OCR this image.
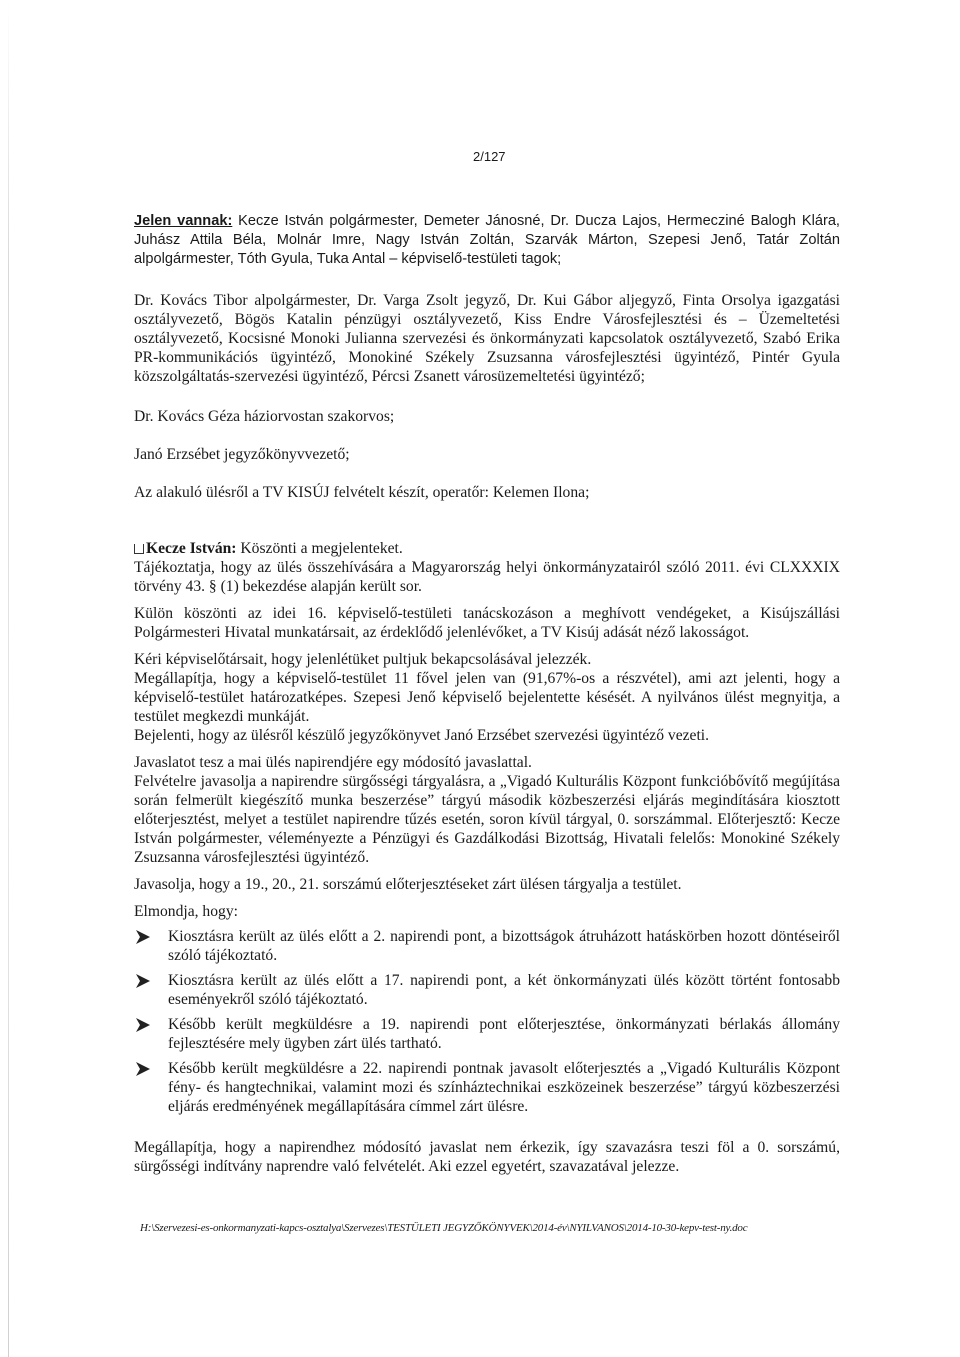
2/127

Jelen vannak: Kecze István polgármester, Demeter Jánosné, Dr. Ducza Lajos, Hermecziné Balogh Klára, Juhász Attila Béla, Molnár Imre, Nagy István Zoltán, Szarvák Márton, Szepesi Jenő, Tatár Zoltán alpolgármester, Tóth Gyula, Tuka Antal – képviselő-testületi tagok;

Dr. Kovács Tibor alpolgármester, Dr. Varga Zsolt jegyző, Dr. Kui Gábor aljegyző, Finta Orsolya igazgatási osztályvezető, Bögös Katalin pénzügyi osztályvezető, Kiss Endre Városfejlesztési és – Üzemeltetési osztályvezető, Kocsisné Monoki Julianna szervezési és önkormányzati kapcsolatok osztályvezető, Szabó Erika PR-kommunikációs ügyintéző, Monokiné Székely Zsuzsanna városfejlesztési ügyintéző, Pintér Gyula közszolgáltatás-szervezési ügyintéző, Pércsi Zsanett városüzemeltetési ügyintéző;

Dr. Kovács Géza háziorvostan szakorvos;

Janó Erzsébet jegyzőkönyvvezető;

Az alakuló ülésről a TV KISÚJ felvételt készít, operatőr: Kelemen Ilona;

Kecze István: Köszönti a megjelenteket.

Tájékoztatja, hogy az ülés összehívására a Magyarország helyi önkormányzatairól szóló 2011. évi CLXXXIX törvény 43. § (1) bekezdése alapján került sor.

Külön köszönti az idei 16. képviselő-testületi tanácskozáson a meghívott vendégeket, a Kisújszállási Polgármesteri Hivatal munkatársait, az érdeklődő jelenlévőket, a TV Kisúj adását néző lakosságot.

Kéri képviselőtársait, hogy jelenlétüket pultjuk bekapcsolásával jelezzék.

Megállapítja, hogy a képviselő-testület 11 fővel jelen van (91,67%-os a részvétel), ami azt jelenti, hogy a képviselő-testület határozatképes. Szepesi Jenő képviselő bejelentette késését. A nyilvános ülést megnyitja, a testület megkezdi munkáját.

Bejelenti, hogy az ülésről készülő jegyzőkönyvet Janó Erzsébet szervezési ügyintéző vezeti.

Javaslatot tesz a mai ülés napirendjére egy módosító javaslattal.

Felvételre javasolja a napirendre sürgősségi tárgyalásra, a „Vigadó Kulturális Központ funkcióbővítő megújítása során felmerült kiegészítő munka beszerzése” tárgyú második közbeszerzési eljárás megindítására kiosztott előterjesztést, melyet a testület napirendre tűzés esetén, soron kívül tárgyal, 0. sorszámmal. Előterjesztő: Kecze István polgármester, véleményezte a Pénzügyi és Gazdálkodási Bizottság, Hivatali felelős: Monokiné Székely Zsuzsanna városfejlesztési ügyintéző.

Javasolja, hogy a 19., 20., 21. sorszámú előterjesztéseket zárt ülésen tárgyalja a testület.

Elmondja, hogy:

Kiosztásra került az ülés előtt a 2. napirendi pont, a bizottságok átruházott hatáskörben hozott döntéseiről szóló tájékoztató.
Kiosztásra került az ülés előtt a 17. napirendi pont, a két önkormányzati ülés között történt fontosabb eseményekről szóló tájékoztató.
Később került megküldésre a 19. napirendi pont előterjesztése, önkormányzati bérlakás állomány fejlesztésére mely ügyben zárt ülés tartható.
Később került megküldésre a 22. napirendi pontnak javasolt előterjesztés a „Vigadó Kulturális Központ fény- és hangtechnikai, valamint mozi és színháztechnikai eszközeinek beszerzése” tárgyú közbeszerzési eljárás eredményének megállapítására címmel zárt ülésre.

Megállapítja, hogy a napirendhez módosító javaslat nem érkezik, így szavazásra teszi föl a 0. sorszámú, sürgősségi indítvány naprendre való felvételét. Aki ezzel egyetért, szavazatával jelezze.

H:\Szervezesi-es-onkormanyzati-kapcs-osztalya\Szervezes\TESTÜLETI JEGYZŐKÖNYVEK\2014-év\NYILVANOS\2014-10-30-kepv-test-ny.doc
